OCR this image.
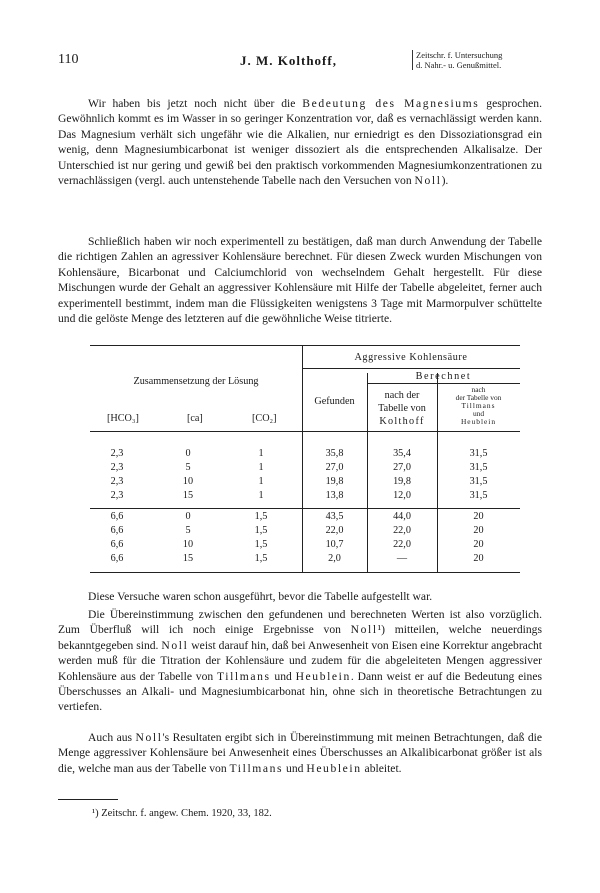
110	J. M. Kolthoff,	Zeitschr. f. Untersuchung
d. Nahr.- u. Genußmittel.

Wir haben bis jetzt noch nicht über die Bedeutung des Magnesiums gesprochen. Gewöhnlich kommt es im Wasser in so geringer Konzentration vor, daß es vernachlässigt werden kann. Das Magnesium verhält sich ungefähr wie die Alkalien, nur erniedrigt es den Dissoziationsgrad ein wenig, denn Magnesiumbicarbonat ist weniger dissoziert als die entsprechenden Alkalisalze. Der Unterschied ist nur gering und gewiß bei den praktisch vorkommenden Magnesiumkonzentrationen zu vernachlässigen (vergl. auch untenstehende Tabelle nach den Versuchen von Noll).

Schließlich haben wir noch experimentell zu bestätigen, daß man durch Anwendung der Tabelle die richtigen Zahlen an agressiver Kohlensäure berechnet. Für diesen Zweck wurden Mischungen von Kohlensäure, Bicarbonat und Calciumchlorid von wechselndem Gehalt hergestellt. Für diese Mischungen wurde der Gehalt an aggressiver Kohlensäure mit Hilfe der Tabelle abgeleitet, ferner auch experimentell bestimmt, indem man die Flüssigkeiten wenigstens 3 Tage mit Marmorpulver schüttelte und die gelöste Menge des letzteren auf die gewöhnliche Weise titrierte.

Zusammensetzung der Lösung
Aggressive Kohlensäure
Berechnet
Gefunden
nach der
Tabelle von
Kolthoff
nach
der Tabelle von
Tillmans
und
Heublein
[HCO₃]	[ca]	[CO₂]
2,3	0	1	35,8	35,4	31,5
2,3	5	1	27,0	27,0	31,5
2,3	10	1	19,8	19,8	31,5
2,3	15	1	13,8	12,0	31,5
6,6	0	1,5	43,5	44,0	20
6,6	5	1,5	22,0	22,0	20
6,6	10	1,5	10,7	22,0	20
6,6	15	1,5	2,0	—	20

Diese Versuche waren schon ausgeführt, bevor die Tabelle aufgestellt war.

Die Übereinstimmung zwischen den gefundenen und berechneten Werten ist also vorzüglich. Zum Überfluß will ich noch einige Ergebnisse von Noll¹) mitteilen, welche neuerdings bekanntgegeben sind. Noll weist darauf hin, daß bei Anwesenheit von Eisen eine Korrektur angebracht werden muß für die Titration der Kohlensäure und zudem für die abgeleiteten Mengen aggressiver Kohlensäure aus der Tabelle von Tillmans und Heublein. Dann weist er auf die Bedeutung eines Überschusses an Alkali- und Magnesiumbicarbonat hin, ohne sich in theoretische Betrachtungen zu vertiefen.

Auch aus Noll's Resultaten ergibt sich in Übereinstimmung mit meinen Betrachtungen, daß die Menge aggressiver Kohlensäure bei Anwesenheit eines Überschusses an Alkalibicarbonat größer ist als die, welche man aus der Tabelle von Tillmans und Heublein ableitet.

¹) Zeitschr. f. angew. Chem. 1920, 33, 182.
